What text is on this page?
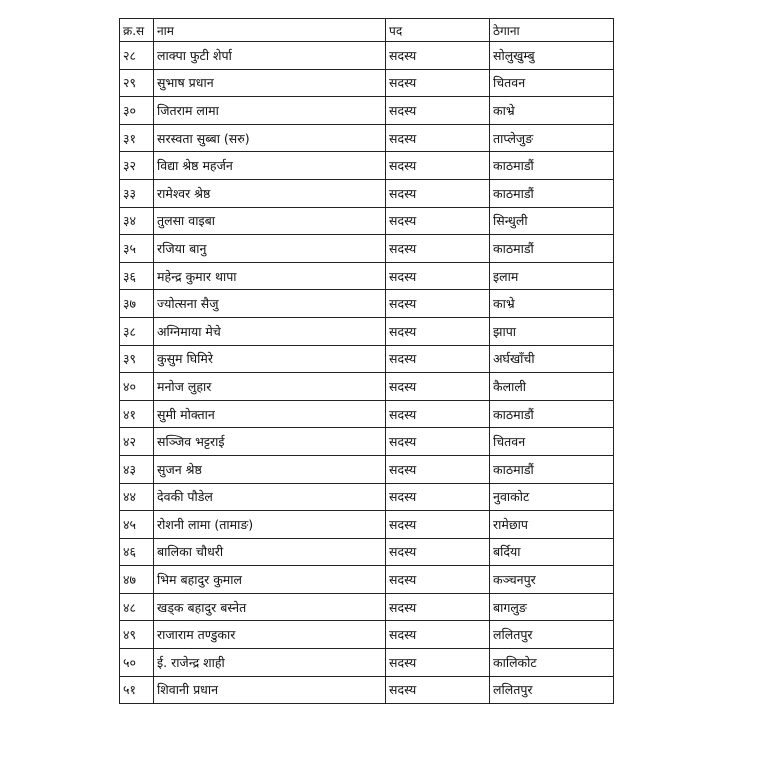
क्र.स	नाम	पद	ठेगाना
२८	लाक्पा फुटी शेर्पा	सदस्य	सोलुखुम्बु
२९	सुभाष प्रधान	सदस्य	चितवन
३०	जितराम लामा	सदस्य	काभ्रे
३१	सरस्वता सुब्बा (सरु)	सदस्य	ताप्लेजुङ
३२	विद्या श्रेष्ठ महर्जन	सदस्य	काठमाडौं
३३	रामेश्वर श्रेष्ठ	सदस्य	काठमाडौं
३४	तुलसा वाइबा	सदस्य	सिन्धुली
३५	रजिया बानु	सदस्य	काठमाडौं
३६	महेन्द्र कुमार थापा	सदस्य	इलाम
३७	ज्योत्सना सैजु	सदस्य	काभ्रे
३८	अग्निमाया मेचे	सदस्य	झापा
३९	कुसुम घिमिरे	सदस्य	अर्घखाँची
४०	मनोज लुहार	सदस्य	कैलाली
४१	सुमी मोक्तान	सदस्य	काठमाडौं
४२	सञ्जिव भट्टराई	सदस्य	चितवन
४३	सुजन श्रेष्ठ	सदस्य	काठमाडौं
४४	देवकी पौडेल	सदस्य	नुवाकोट
४५	रोशनी लामा (तामाङ)	सदस्य	रामेछाप
४६	बालिका चौधरी	सदस्य	बर्दिया
४७	भिम बहादुर कुमाल	सदस्य	कञ्चनपुर
४८	खड्क बहादुर बस्नेत	सदस्य	बागलुङ
४९	राजाराम तण्डुकार	सदस्य	ललितपुर
५०	ई. राजेन्द्र शाही	सदस्य	कालिकोट
५१	शिवानी प्रधान	सदस्य	ललितपुर
